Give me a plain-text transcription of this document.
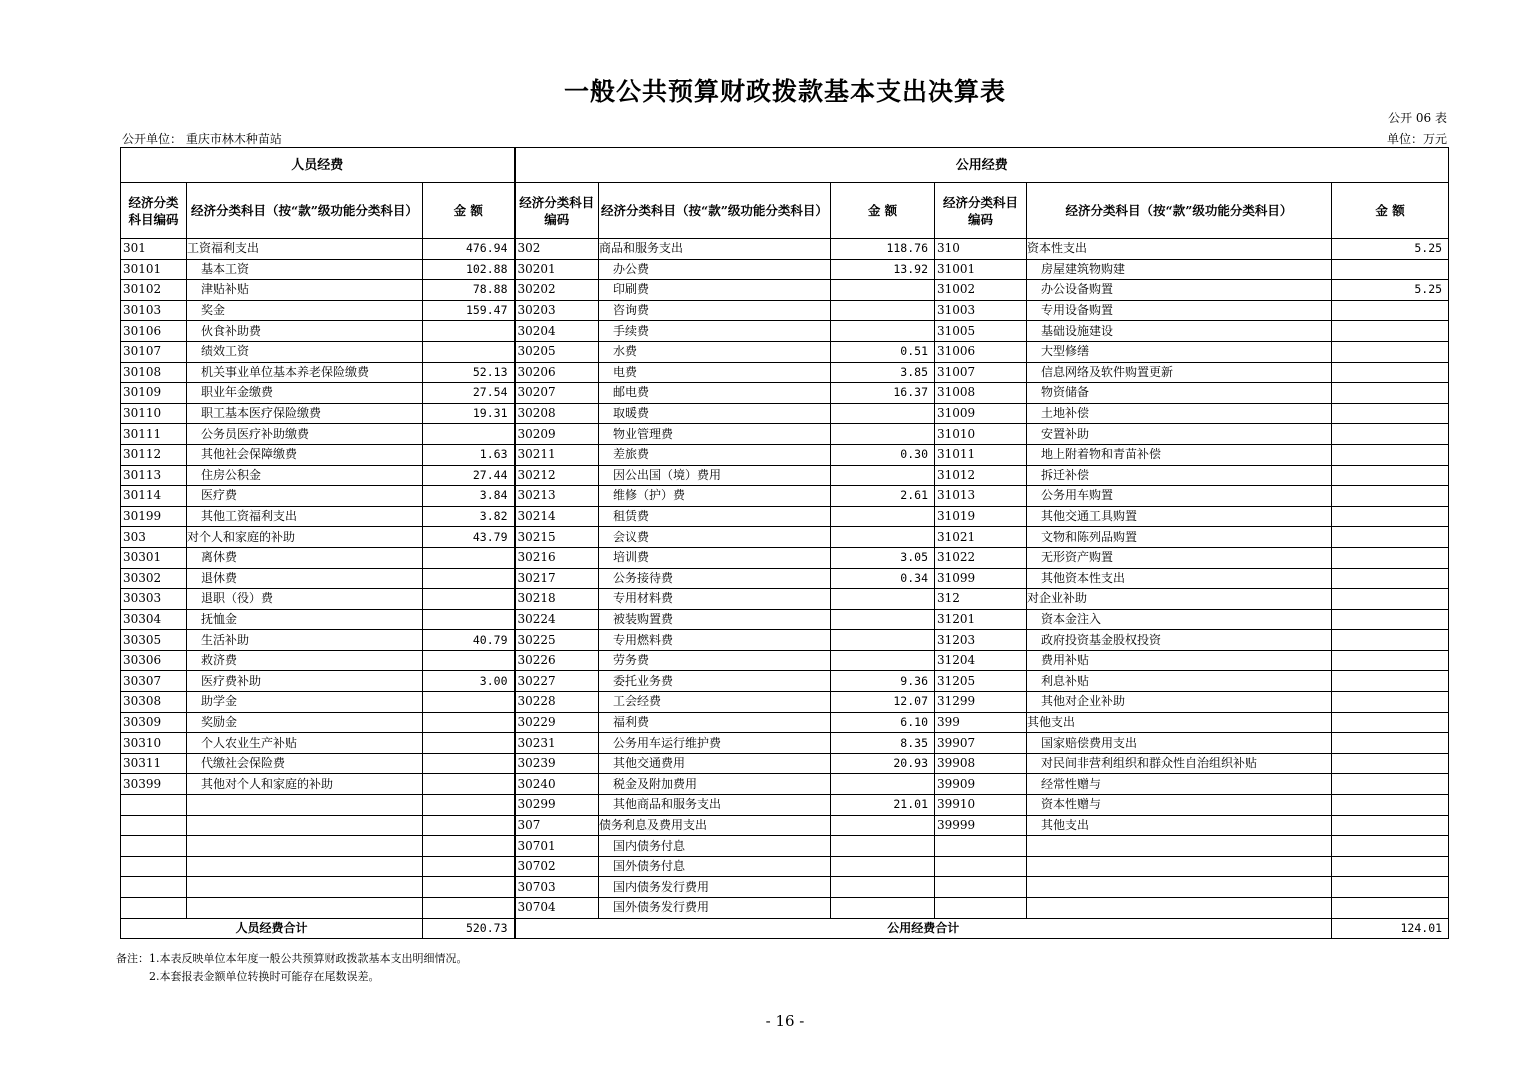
一般公共预算财政拨款基本支出决算表
公开 06 表
公开单位： 重庆市林木种苗站	单位：万元
人员经费			公用经费					
经济分类科目编码	经济分类科目（按“款”级功能分类科目）	金 额	经济分类科目编码	经济分类科目（按“款”级功能分类科目）	金 额	经济分类科目编码	经济分类科目（按“款”级功能分类科目）	金 额
301	工资福利支出	476.94	302	商品和服务支出	118.76	310	资本性支出	5.25
30101	基本工资	102.88	30201	办公费	13.92	31001	房屋建筑物购建	
30102	津贴补贴	78.88	30202	印刷费		31002	办公设备购置	5.25
30103	奖金	159.47	30203	咨询费		31003	专用设备购置	
30106	伙食补助费		30204	手续费		31005	基础设施建设	
30107	绩效工资		30205	水费	0.51	31006	大型修缮	
30108	机关事业单位基本养老保险缴费	52.13	30206	电费	3.85	31007	信息网络及软件购置更新	
30109	职业年金缴费	27.54	30207	邮电费	16.37	31008	物资储备	
30110	职工基本医疗保险缴费	19.31	30208	取暖费		31009	土地补偿	
30111	公务员医疗补助缴费		30209	物业管理费		31010	安置补助	
30112	其他社会保障缴费	1.63	30211	差旅费	0.30	31011	地上附着物和青苗补偿	
30113	住房公积金	27.44	30212	因公出国（境）费用		31012	拆迁补偿	
30114	医疗费	3.84	30213	维修（护）费	2.61	31013	公务用车购置	
30199	其他工资福利支出	3.82	30214	租赁费		31019	其他交通工具购置	
303	对个人和家庭的补助	43.79	30215	会议费		31021	文物和陈列品购置	
30301	离休费		30216	培训费	3.05	31022	无形资产购置	
30302	退休费		30217	公务接待费	0.34	31099	其他资本性支出	
30303	退职（役）费		30218	专用材料费		312	对企业补助	
30304	抚恤金		30224	被装购置费		31201	资本金注入	
30305	生活补助	40.79	30225	专用燃料费		31203	政府投资基金股权投资	
30306	救济费		30226	劳务费		31204	费用补贴	
30307	医疗费补助	3.00	30227	委托业务费	9.36	31205	利息补贴	
30308	助学金		30228	工会经费	12.07	31299	其他对企业补助	
30309	奖励金		30229	福利费	6.10	399	其他支出	
30310	个人农业生产补贴		30231	公务用车运行维护费	8.35	39907	国家赔偿费用支出	
30311	代缴社会保险费		30239	其他交通费用	20.93	39908	对民间非营利组织和群众性自治组织补贴	
30399	其他对个人和家庭的补助		30240	税金及附加费用		39909	经常性赠与	
			30299	其他商品和服务支出	21.01	39910	资本性赠与	
			307	债务利息及费用支出		39999	其他支出	
			30701	国内债务付息				
			30702	国外债务付息				
			30703	国内债务发行费用				
			30704	国外债务发行费用				
人员经费合计		520.73	公用经费合计					124.01
备注：1.本表反映单位本年度一般公共预算财政拨款基本支出明细情况。
2.本套报表金额单位转换时可能存在尾数误差。
- 16 -
